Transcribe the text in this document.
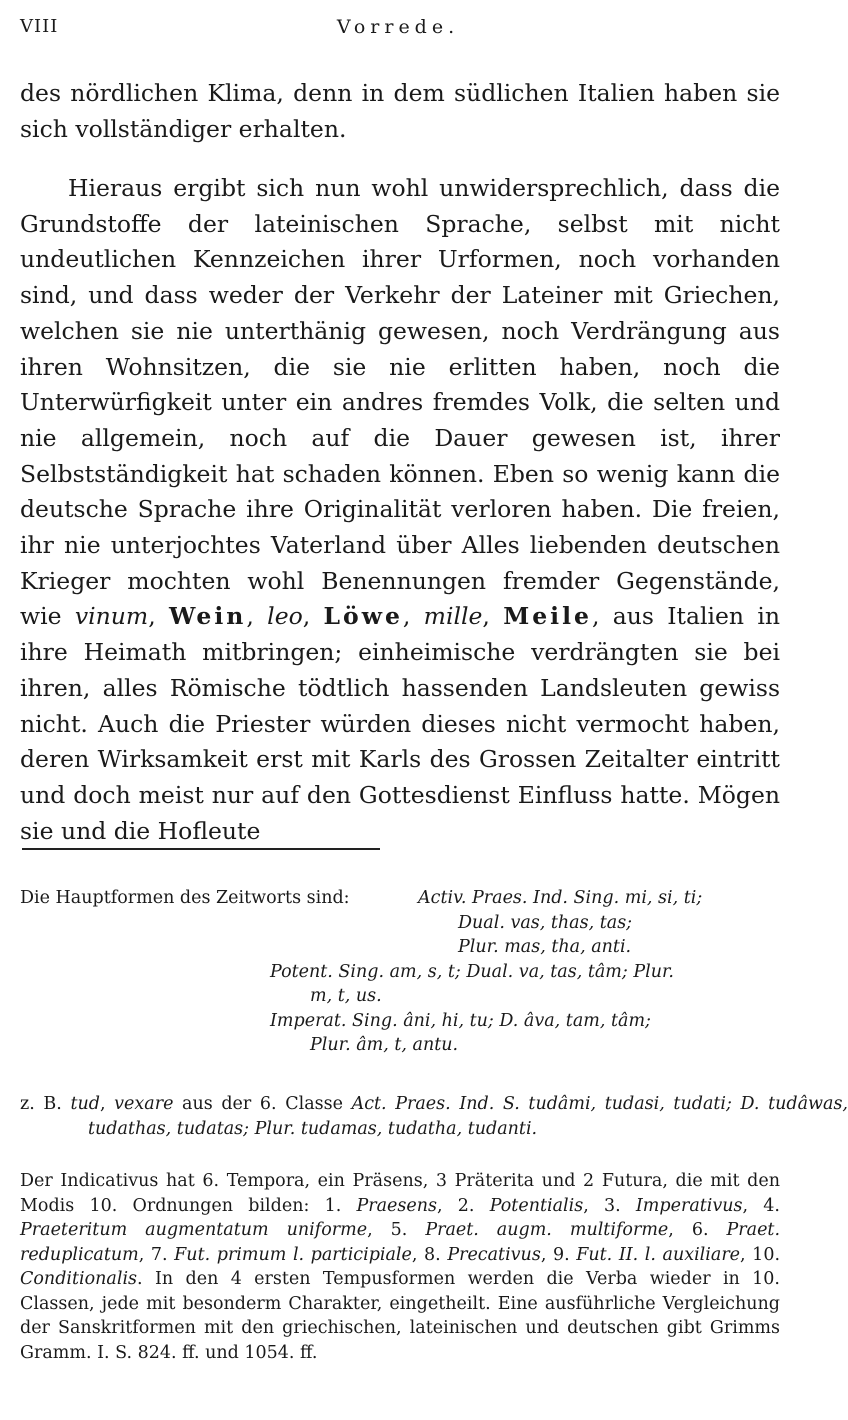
VIII	Vorrede.
des nördlichen Klima, denn in dem südlichen Italien haben sie sich vollständiger erhalten.
Hieraus ergibt sich nun wohl unwidersprechlich, dass die Grundstoffe der lateinischen Sprache, selbst mit nicht undeutlichen Kennzeichen ihrer Urformen, noch vorhanden sind, und dass weder der Verkehr der Lateiner mit Griechen, welchen sie nie unterthänig gewesen, noch Verdrängung aus ihren Wohnsitzen, die sie nie erlitten haben, noch die Unterwürfigkeit unter ein andres fremdes Volk, die selten und nie allgemein, noch auf die Dauer gewesen ist, ihrer Selbstständigkeit hat schaden können. Eben so wenig kann die deutsche Sprache ihre Originalität verloren haben. Die freien, ihr nie unterjochtes Vaterland über Alles liebenden deutschen Krieger mochten wohl Benennungen fremder Gegenstände, wie vinum, Wein, leo, Löwe, mille, Meile, aus Italien in ihre Heimath mitbringen; einheimische verdrängten sie bei ihren, alles Römische tödtlich hassenden Landsleuten gewiss nicht. Auch die Priester würden dieses nicht vermocht haben, deren Wirksamkeit erst mit Karls des Grossen Zeitalter eintritt und doch meist nur auf den Gottesdienst Einfluss hatte. Mögen sie und die Hofleute
Die Hauptformen des Zeitworts sind:	Activ. Praes. Ind. Sing. mi, si, ti;
Dual. vas, thas, tas;
Plur. mas, tha, anti.
Potent. Sing. am, s, t; Dual. va, tas, tâm; Plur.
m, t, us.
Imperat. Sing. âni, hi, tu; D. âva, tam, tâm;
Plur. âm, t, antu.
z. B. tud, vexare aus der 6. Classe Act. Praes. Ind. S. tudâmi, tudasi, tudati; D. tudâwas, tudathas, tudatas; Plur. tudamas, tudatha, tudanti.
Der Indicativus hat 6. Tempora, ein Präsens, 3 Präterita und 2 Futura, die mit den Modis 10. Ordnungen bilden: 1. Praesens, 2. Potentialis, 3. Imperativus, 4. Praeteritum augmentatum uniforme, 5. Praet. augm. multiforme, 6. Praet. reduplicatum, 7. Fut. primum l. participiale, 8. Precativus, 9. Fut. II. l. auxiliare, 10. Conditionalis. In den 4 ersten Tempusformen werden die Verba wieder in 10. Classen, jede mit besonderm Charakter, eingetheilt. Eine ausführliche Vergleichung der Sanskritformen mit den griechischen, lateinischen und deutschen gibt Grimms Gramm. I. S. 824. ff. und 1054. ff.
